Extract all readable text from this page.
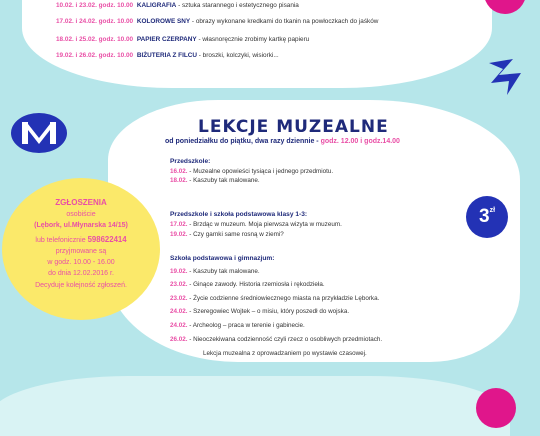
10.02. i 23.02. godz. 10.00 KALIGRAFIA - sztuka starannego i estetycznego pisania
17.02. i 24.02. godz. 10.00 KOLOROWE SNY - obrazy wykonane kredkami do tkanin na powłoczkach do jaśków
18.02. i 25.02. godz. 10.00 PAPIER CZERPANY - własnoręcznie zrobimy kartkę papieru
19.02. i 26.02. godz. 10.00 BIŻUTERIA Z FILCU - broszki, kolczyki, wisiorki...
LEKCJE MUZEALNE
od poniedziałku do piątku, dwa razy dziennie - godz. 12.00 i godz.14.00
Przedszkole:
16.02. - Muzealne opowieści tysiąca i jednego przedmiotu.
18.02. - Kaszuby tak malowane.
Przedszkole i szkoła podstawowa klasy 1-3:
17.02. - Brzdąc w muzeum. Moja pierwsza wizyta w muzeum.
19.02. - Czy garnki same rosną w ziemi?
Szkoła podstawowa i gimnazjum:
19.02. - Kaszuby tak malowane.
23.02. - Ginące zawody. Historia rzemiosła i rękodzieła.
23.02. - Życie codzienne średniowiecznego miasta na przykładzie Lęborka.
24.02. - Szeregowiec Wojtek – o misiu, który poszedł do wojska.
24.02. - Archeolog – praca w terenie i gabinecie.
26.02. - Nieoczekiwana codzienność czyli rzecz o osobliwych przedmiotach.
Lekcja muzealna z oprowadzaniem po wystawie czasowej.
ZGŁOSZENIA
osobiście
(Lębork, ul.Młynarska 14/15)
lub telefonicznie 598622414
przyjmowane są
w godz. 10.00 - 16.00
do dnia 12.02.2016 r.
Decyduje kolejność zgłoszeń.
$3^{zł}$
